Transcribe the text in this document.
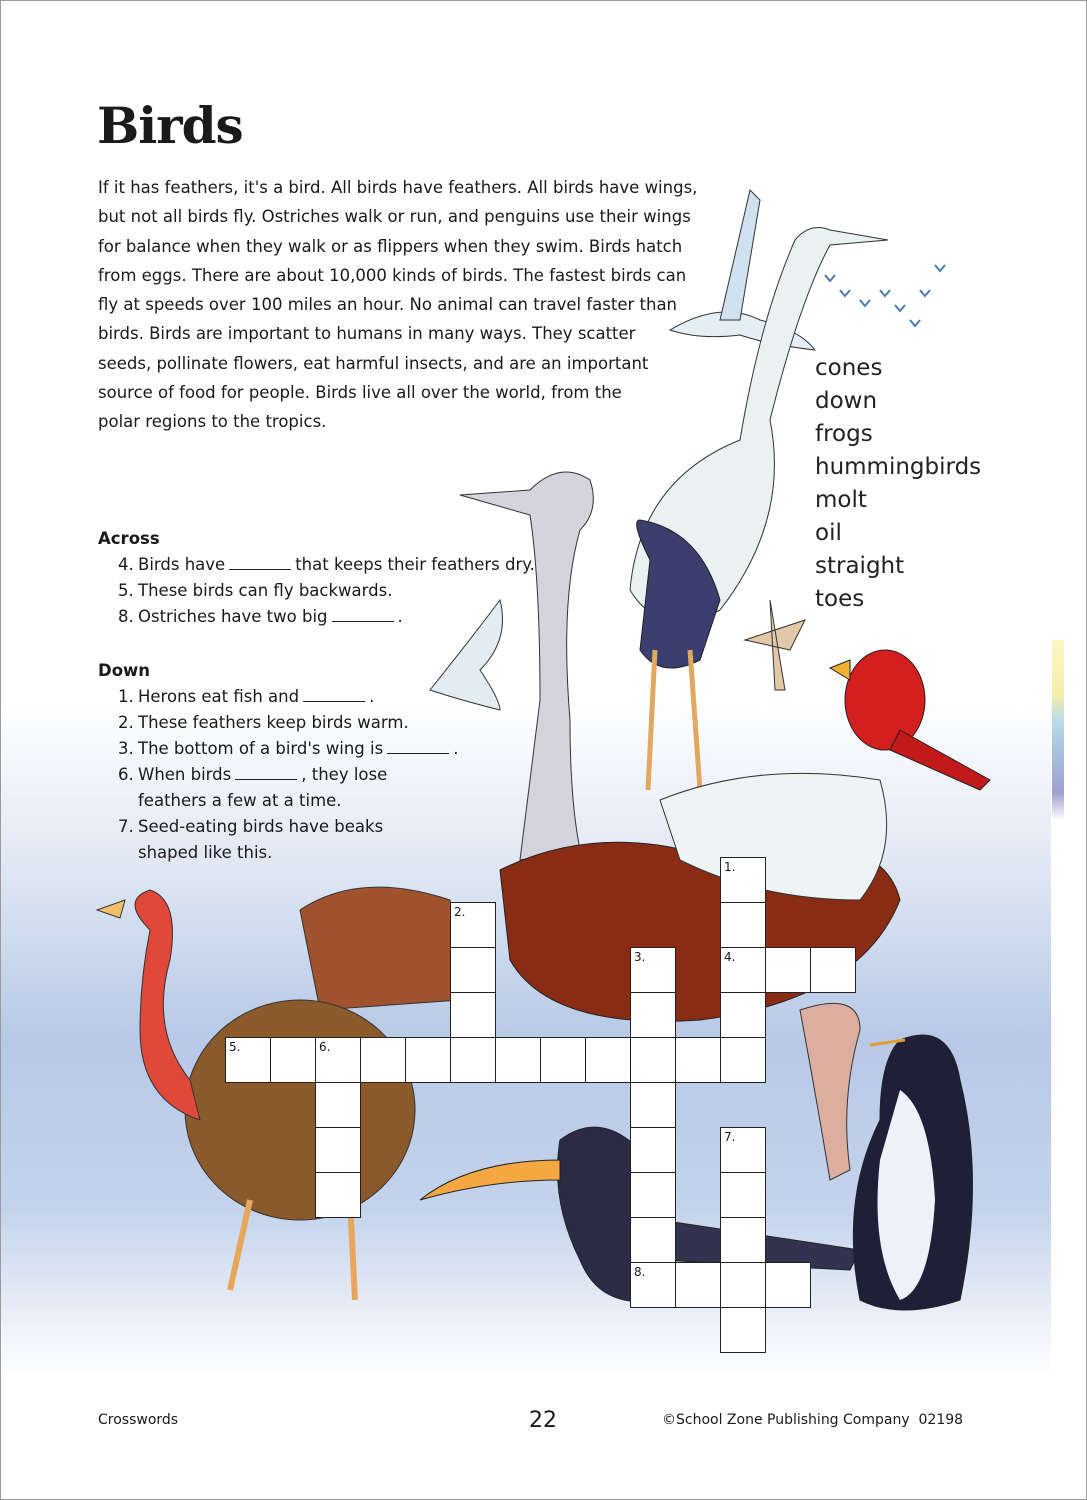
Birds
If it has feathers, it's a bird. All birds have feathers. All birds have wings,
but not all birds fly. Ostriches walk or run, and penguins use their wings
for balance when they walk or as flippers when they swim. Birds hatch
from eggs. There are about 10,000 kinds of birds. The fastest birds can
fly at speeds over 100 miles an hour. No animal can travel faster than
birds. Birds are important to humans in many ways. They scatter
seeds, pollinate flowers, eat harmful insects, and are an important
source of food for people. Birds live all over the world, from the
polar regions to the tropics.
cones
down
frogs
hummingbirds
molt
oil
straight
toes
Across
4. Birds have	that keeps their feathers dry.
5. These birds can fly backwards.
8. Ostriches have two big	.
Down
1. Herons eat fish and	.
2. These feathers keep birds warm.
3. The bottom of a bird's wing is	.
6. When birds	, they lose
feathers a few at a time.
7. Seed-eating birds have beaks
shaped like this.
1.
4.
2.
3.
8.
5.	6.
7.
Crosswords	22	©School Zone Publishing Company  02198
